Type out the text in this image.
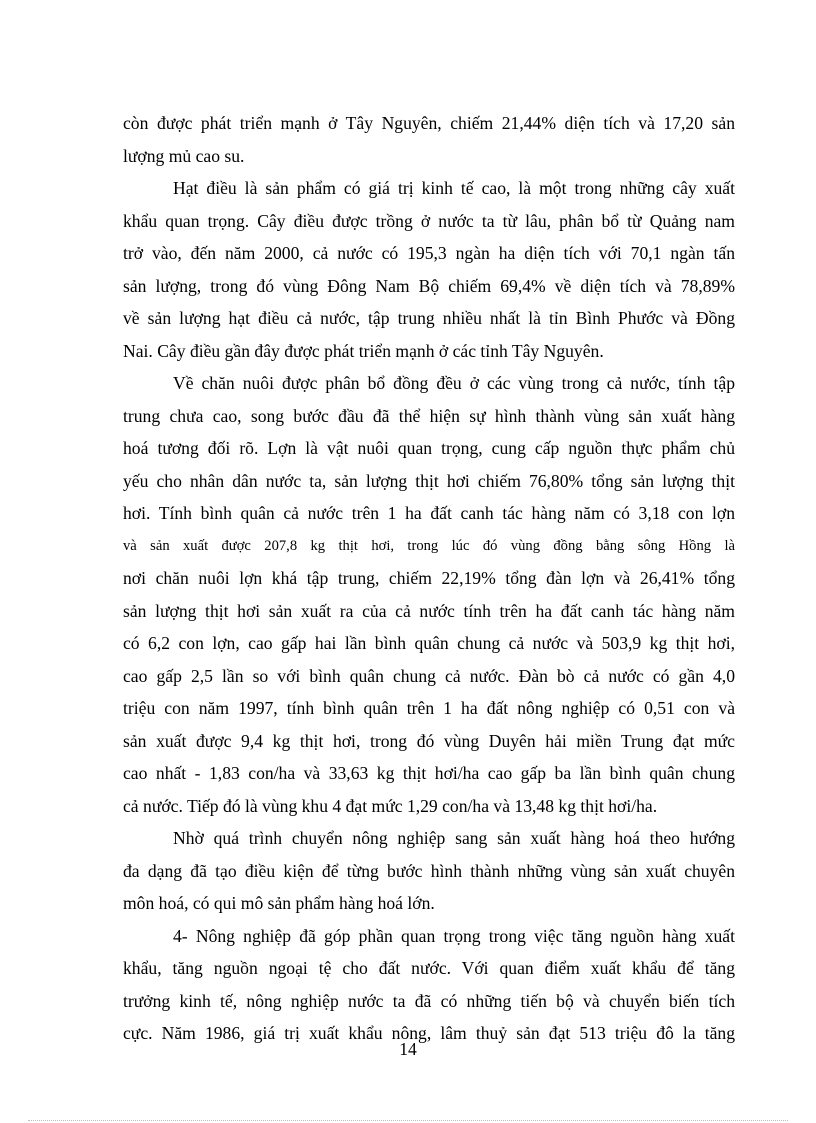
còn được phát triển mạnh ở Tây Nguyên, chiếm 21,44% diện tích và 17,20 sản
lượng mủ cao su.

Hạt điều là sản phẩm có giá trị kinh tế cao, là một trong những cây xuất
khẩu quan trọng. Cây điều được trồng ở nước ta từ lâu, phân bổ từ Quảng nam
trở vào, đến năm 2000, cả nước có 195,3 ngàn ha diện tích với 70,1 ngàn tấn
sản lượng, trong đó vùng Đông Nam Bộ chiếm 69,4% về diện tích và 78,89%
về sản lượng hạt điều cả nước, tập trung nhiều nhất là tỉn Bình Phước và Đồng
Nai. Cây điều gần đây được phát triển mạnh ở các tỉnh Tây Nguyên.

Về chăn nuôi được phân bổ đồng đều ở các vùng trong cả nước, tính tập
trung chưa cao, song bước đầu đã thể hiện sự hình thành vùng sản xuất hàng
hoá tương đối rõ. Lợn là vật nuôi quan trọng, cung cấp nguồn thực phẩm chủ
yếu cho nhân dân nước ta, sản lượng thịt hơi chiếm 76,80% tổng sản lượng thịt
hơi. Tính bình quân cả nước trên 1 ha đất canh tác hàng năm có 3,18 con lợn
và sản xuất được 207,8 kg thịt hơi, trong lúc đó vùng đồng bằng sông Hồng là
nơi chăn nuôi lợn khá tập trung, chiếm 22,19% tổng đàn lợn và 26,41% tổng
sản lượng thịt hơi sản xuất ra của cả nước tính trên ha đất canh tác hàng năm
có 6,2 con lợn, cao gấp hai lần bình quân chung cả nước và 503,9 kg thịt hơi,
cao gấp 2,5 lần so với bình quân chung cả nước. Đàn bò cả nước có gần 4,0
triệu con năm 1997, tính bình quân trên 1 ha đất nông nghiệp có 0,51 con và
sản xuất được 9,4 kg thịt hơi, trong đó vùng Duyên hải miền Trung đạt mức
cao nhất - 1,83 con/ha và 33,63 kg thịt hơi/ha cao gấp ba lần bình quân chung
cả nước. Tiếp đó là vùng khu 4 đạt mức 1,29 con/ha và 13,48 kg thịt hơi/ha.

Nhờ quá trình chuyển nông nghiệp sang sản xuất hàng hoá theo hướng
đa dạng đã tạo điều kiện để từng bước hình thành những vùng sản xuất chuyên
môn hoá, có qui mô sản phẩm hàng hoá lớn.

4- Nông nghiệp đã góp phần quan trọng trong việc tăng nguồn hàng xuất
khẩu, tăng nguồn ngoại tệ cho đất nước. Với quan điểm xuất khẩu để tăng
trưởng kinh tế, nông nghiệp nước ta đã có những tiến bộ và chuyển biến tích
cực. Năm 1986, giá trị xuất khẩu nông, lâm thuỷ sản đạt 513 triệu đô la tăng

14
